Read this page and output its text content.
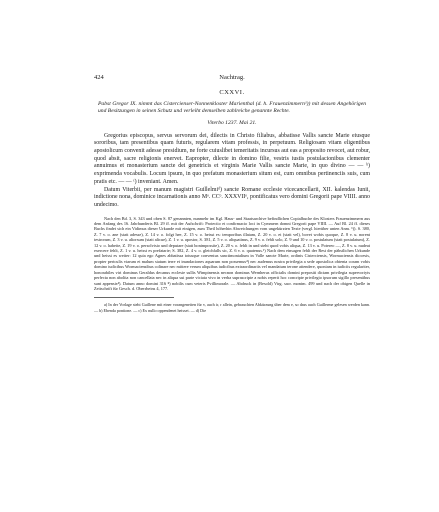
424	Nachtrag.
CXXVI.
Pabst Gregor IX. nimmt das Cistercienser-Nonnenkloster Marienthal (d. h. Frauenzimmern¹)) mit dessen Angehörigen und Besitzungen in seinen Schutz und verleiht demselben zahlreiche genannte Rechte.
Viterbo 1237. Mai 21.

Gregorius episcopus, servus servorum dei, dilectis in Christo filiabus, abbatisse Vallis sancte Marie eiusque sororibus, tam presentibus quam futuris, regularem vitam professis, in perpetuum. Religiosam vitam eligentibus apostolicum convenit adesse presidium, ne forte cuiuslibet temeritatis incursus aut eas a proposito revocet, aut robur, quod absit, sacre religionis enervet. Eapropter, dilecte in domino filie, vestris iustis postulacionibus clementer annuimus et monasterium sancte dei genetricis et virginis Marie Vallis sancte Marie, in quo divino — — ᵇ) exprimenda vocabulis. Locum ipsum, in quo prefatum monasterium situm est, cum omnibus pertinenciis suis, cum pratis etc. — — ᶜ) inveniant. Amen.

Datum Viterbii, per manum magistri Guillelmiᵈ) sancte Romane ecclesie vicecancellarii, XII. kalendas Iunii, indictione nona, dominice incarnationis anno Mᵒ. CCᵒ. XXXVIIᵒ, pontificatus vero domini Gregorii pape VIIII. anno undecimo.

Nach den Bd. 3, S. 343 und oben S. 87 genannten, nunmehr im Kgl. Haus- und Staatsarchive befindlichen Copialbuche des Klosters Frauenzimmern aus dem Anfang des 16. Jahrhunderts Bl. 29 ff. mit der Aufschrift: Protectio et confirmacio loci in Cymmern domni Gregorii pape VIIII. — Auf Bl. 24 ff. dieses Buchs findet sich ein Vidimus dieser Urkunde mit einigen, zum Theil höherhin Abweichungen vom ungekürzten Texte (vergl. hierüber unten Anm. ᵇ)). S. 380, Z. 7 v. o. ane (statt adesse), Z. 14 v. o. folgt hee, Z. 15 v. o. heisst es: temporibus illatam, Z. 20 v. o. et (statt vel), bovet wobis quoque, Z. 8 v. u. norent testrorum, Z. 3 v. u. aliorsum (statt alicue), Z. 1 v. u. apostor, S. 381, Z. 5 v. o. aliquatinus, Z. 9 v. o. fehlt solo, Z. 9 und 10 v. o. postulatum (statt postulatum), Z. 12 v. o. habeite, Z. 19 v. o. persolvisio und deputare (statt bonimpossite), Z. 20 v. o. fehlt in und steht quod vobis aliqua, Z. 13 v. u. Potereo —, Z. 8 v. u. nudeat exercere fehlt, Z. 1 v. u. heisst es prefatarie; S. 382, Z. 4 v. o. gleichfalls sic, Z. 6 v. o. quatenus.¹) Nach dem einsagen fehlt der Rest der päbstlichen Urkunde und heisst es weiter: 12 quia ego Agnes abbatissa totusque conventus sanctimonialium in Valle sancte Marie, ordinis Cisterciensis, Wormaciensis diocesis, propter periculis viarum et malum statum terre et inundaciones aquarum non possemus⁴) nec audemus nostra privilegia a sede apostolica obtenta coram vobis domino iudicibus Wormaciensibus colinare nec mittere verum aliquibus iudicibus extraordinariis vel mandatum terone attendere, quoniam in iudiciis regulariter, honorabiles viri dominus Geraldus decanus ecclesie sullis Wimpinensis necnon dominus Wernherus officialis domini prepositi dictam privilegia supervoriyts perfecta non abolita non cancellata nec in aliqua sui parte viciata vivo in verba suprascripte a nobis reperit hoc concripte privilegio ipsorum sigillo presentibus sunt appensis⁴). Datum anno domini 316 ⁸) nobilis cum veteris Pvillimorale. — Abdruck in (Besold) Virg. sacr. monim. 499 und nach der obigen Quelle in Zeitschrift für Gesch. d. Oberrheins 4, 177.

a) In der Vorlage steht Guillene mit einer vorangeneiten für v, auch ir, r allein, gebrauchten Abkürzung über dem e, so dass auch Guillerme gelesen werden kann. — b) Ebenda pontione. — c) Ex nullo oppendenet heisset. — d) Die
